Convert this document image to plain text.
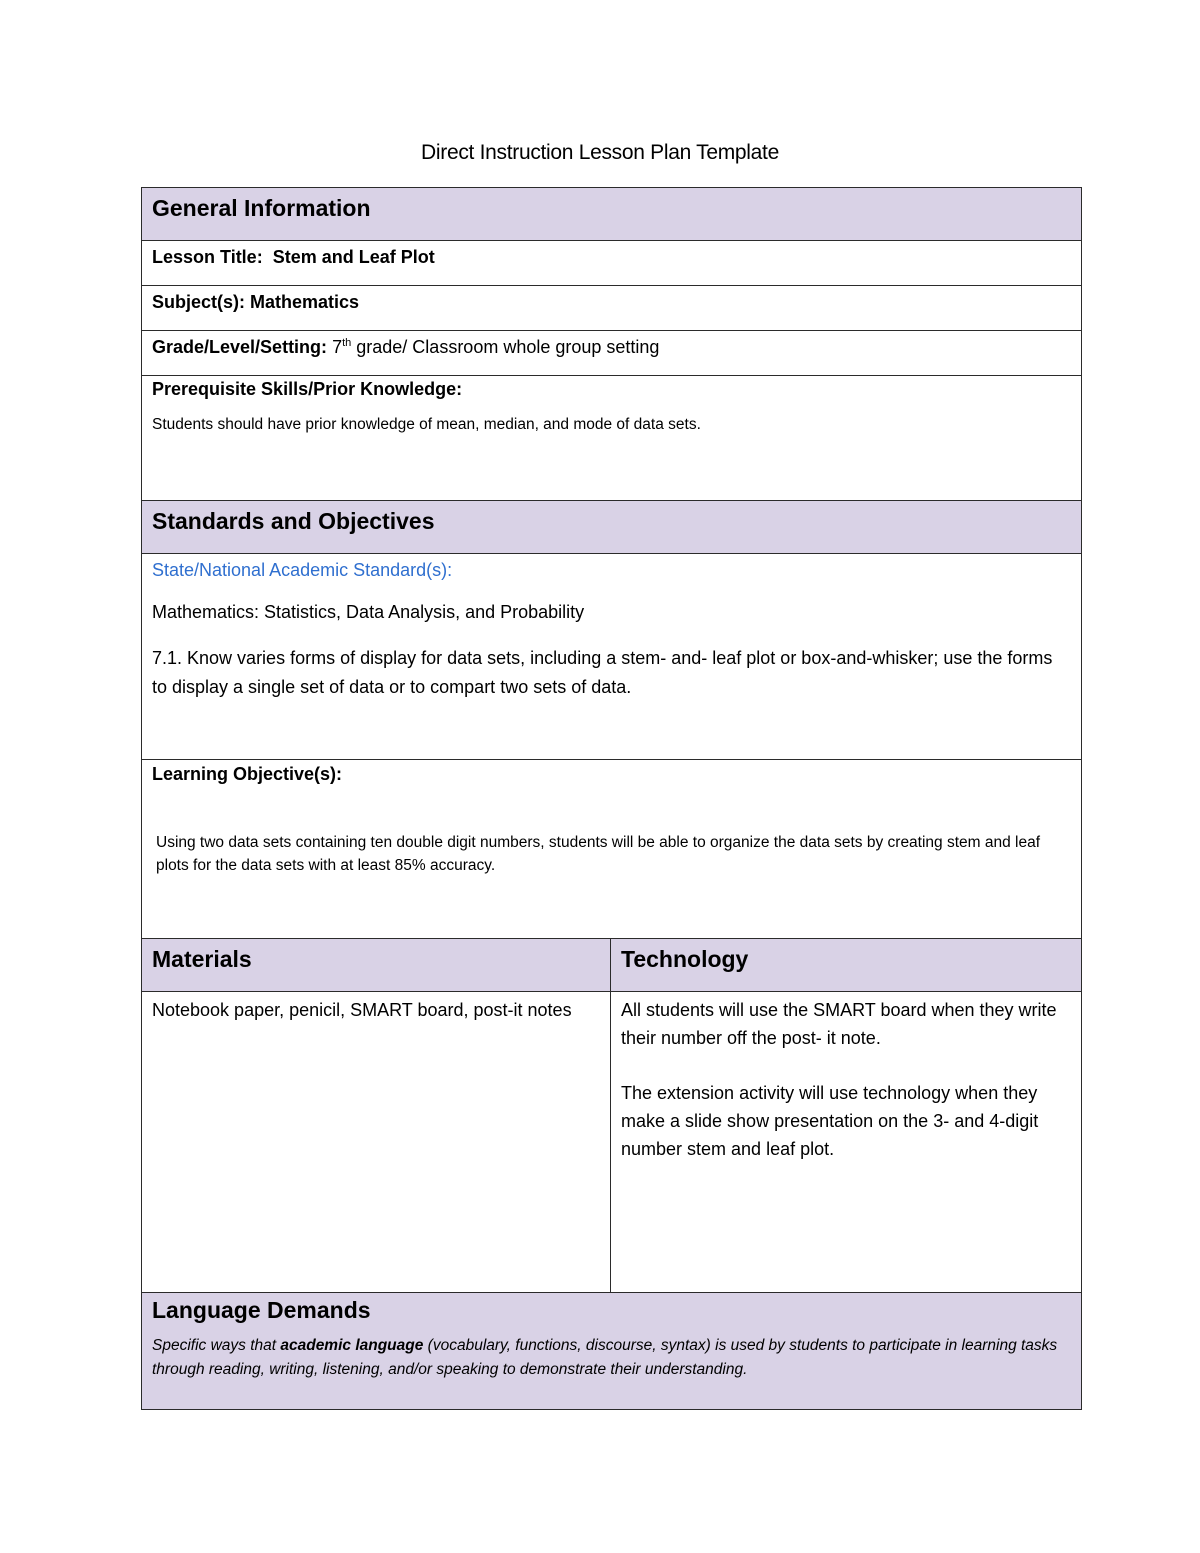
Direct Instruction Lesson Plan Template
General Information	

Lesson Title: Stem and Leaf Plot	

Subject(s): Mathematics	

Grade/Level/Setting: 7th grade/ Classroom whole group setting	

Prerequisite Skills/Prior Knowledge:
Students should have prior knowledge of mean, median, and mode of data sets.	

Standards and Objectives	

State/National Academic Standard(s):
Mathematics: Statistics, Data Analysis, and Probability
7.1. Know varies forms of display for data sets, including a stem- and- leaf plot or box-and-whisker; use the forms to display a single set of data or to compart two sets of data.	

Learning Objective(s):
Using two data sets containing ten double digit numbers, students will be able to organize the data sets by creating stem and leaf plots for the data sets with at least 85% accuracy.	

Materials	Technology

Notebook paper, penicil, SMART board, post-it notes	All students will use the SMART board when they write their number off the post- it note.
The extension activity will use technology when they make a slide show presentation on the 3- and 4-digit number stem and leaf plot.

Language Demands
Specific ways that academic language (vocabulary, functions, discourse, syntax) is used by students to participate in learning tasks through reading, writing, listening, and/or speaking to demonstrate their understanding.	
